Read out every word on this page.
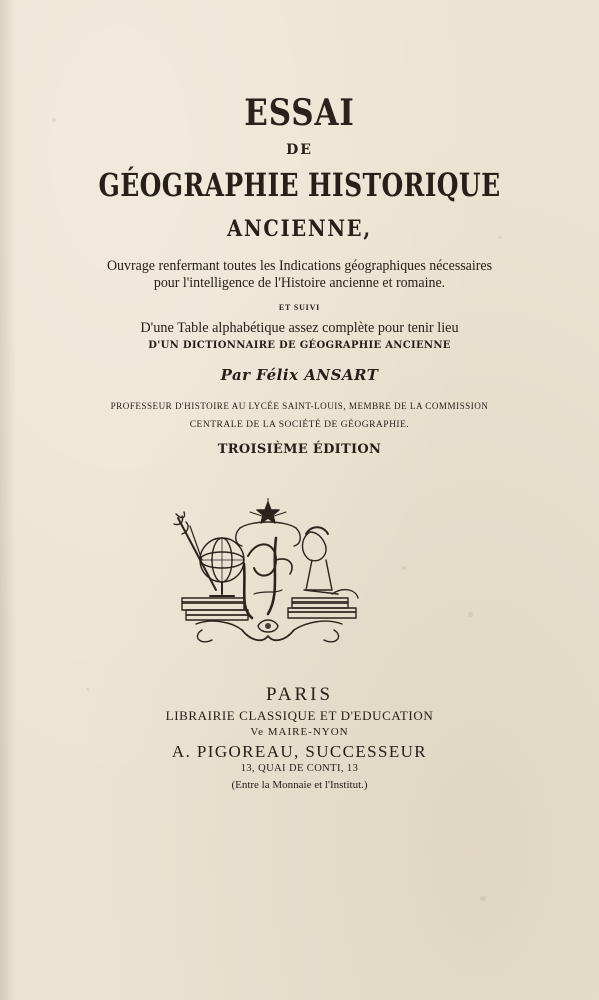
ESSAI

DE

GÉOGRAPHIE HISTORIQUE

ANCIENNE,

Ouvrage renfermant toutes les Indications géographiques nécessaires

pour l'intelligence de l'Histoire ancienne et romaine.

ET SUIVI

D'une Table alphabétique assez complète pour tenir lieu

D'UN DICTIONNAIRE DE GÉOGRAPHIE ANCIENNE

Par Félix ANSART

PROFESSEUR D'HISTOIRE AU LYCÉE SAINT-LOUIS, MEMBRE DE LA COMMISSION

CENTRALE DE LA SOCIÉTÉ DE GÉOGRAPHIE.

TROISIÈME ÉDITION

PARIS

LIBRAIRIE CLASSIQUE ET D'EDUCATION

Ve MAIRE-NYON

A. PIGOREAU, SUCCESSEUR

13, QUAI DE CONTI, 13

(Entre la Monnaie et l'Institut.)
